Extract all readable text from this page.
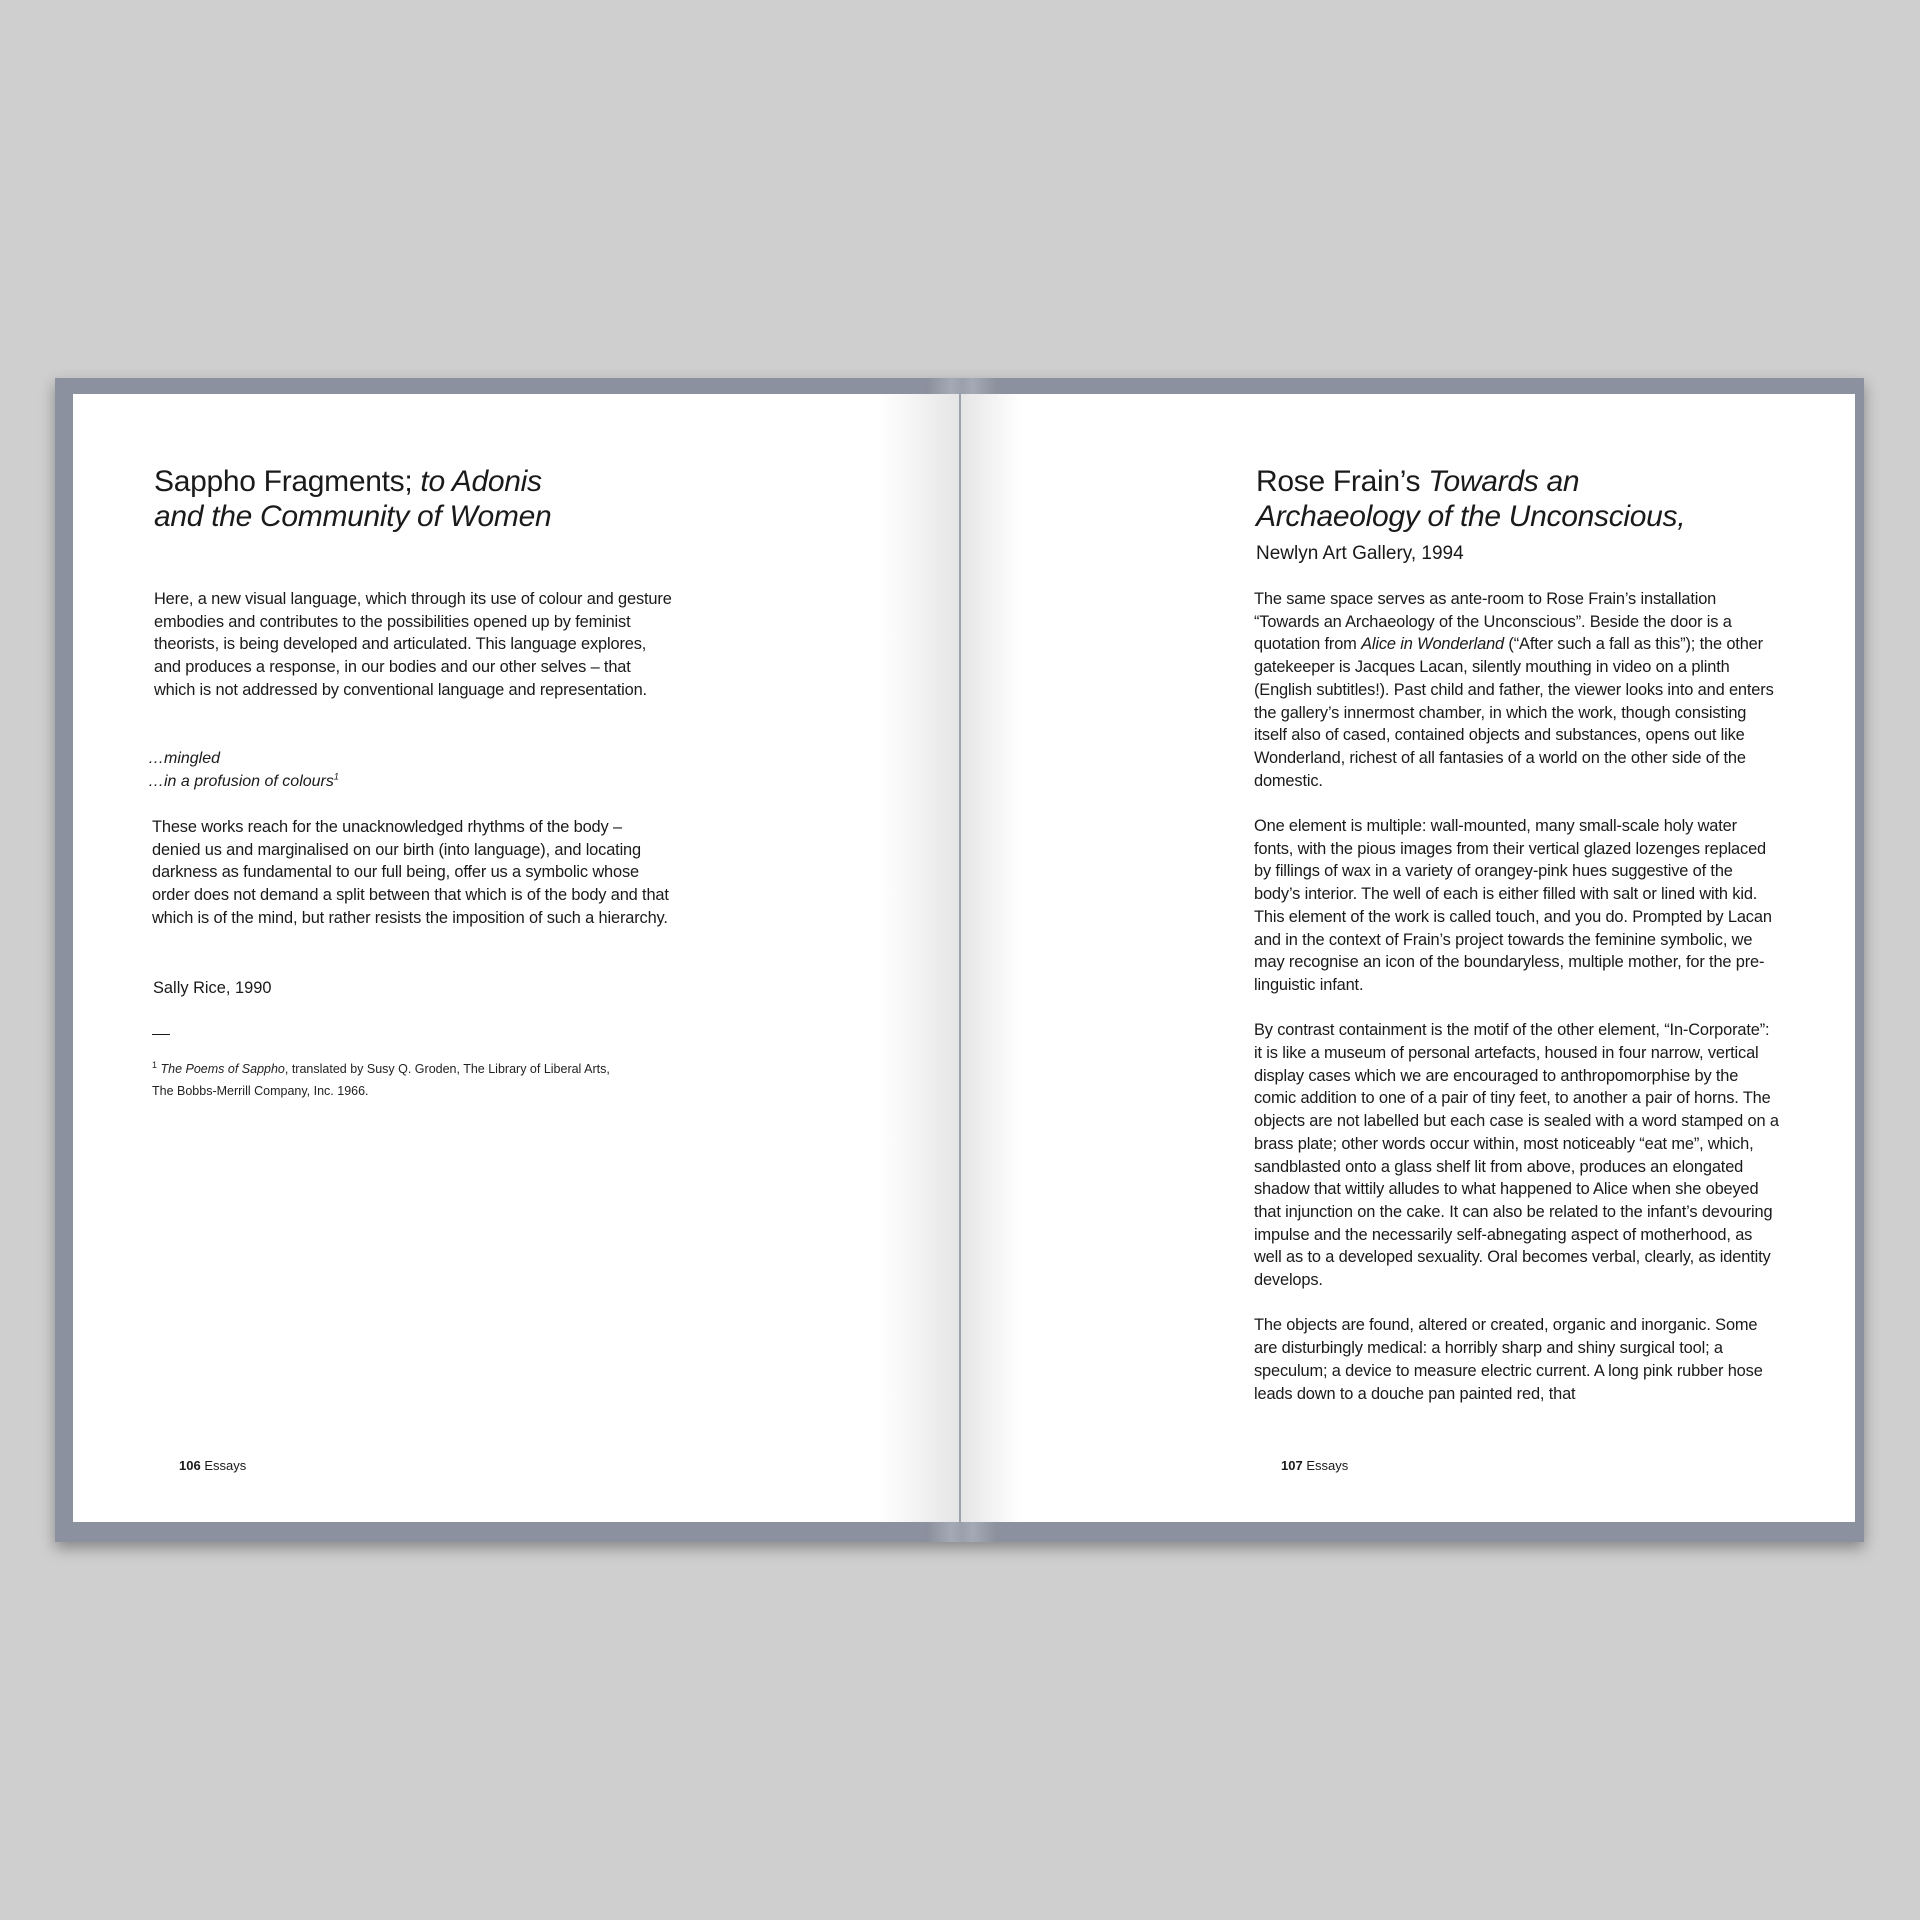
Sappho Fragments; to Adonis
and the Community of Women

Here, a new visual language, which through its use of colour and gesture embodies and contributes to the possibilities opened up by feminist theorists, is being developed and articulated. This language explores, and produces a response, in our bodies and our other selves – that which is not addressed by conventional language and representation.

…mingled
…in a profusion of colours$^1$

These works reach for the unacknowledged rhythms of the body – denied us and marginalised on our birth (into language), and locating darkness as fundamental to our full being, offer us a symbolic whose order does not demand a split between that which is of the body and that which is of the mind, but rather resists the imposition of such a hierarchy.

Sally Rice, 1990
$^1$ The Poems of Sappho, translated by Susy Q. Groden, The Library of Liberal Arts,
The Bobbs-Merrill Company, Inc. 1966.
106 Essays
Rose Frain’s Towards an
Archaeology of the Unconscious,
Newlyn Art Gallery, 1994

The same space serves as ante-room to Rose Frain’s installation “Towards an Archaeology of the Unconscious”. Beside the door is a quotation from Alice in Wonderland (“After such a fall as this”); the other gatekeeper is Jacques Lacan, silently mouthing in video on a plinth (English subtitles!). Past child and father, the viewer looks into and enters the gallery’s innermost chamber, in which the work, though consisting itself also of cased, contained objects and substances, opens out like Wonderland, richest of all fantasies of a world on the other side of the domestic.

One element is multiple: wall-mounted, many small-scale holy water fonts, with the pious images from their vertical glazed lozenges replaced by fillings of wax in a variety of orangey-pink hues suggestive of the body’s interior. The well of each is either filled with salt or lined with kid. This element of the work is called touch, and you do. Prompted by Lacan and in the context of Frain’s project towards the feminine symbolic, we may recognise an icon of the boundaryless, multiple mother, for the pre-linguistic infant.

By contrast containment is the motif of the other element, “In-Corporate”: it is like a museum of personal artefacts, housed in four narrow, vertical display cases which we are encouraged to anthropomorphise by the comic addition to one of a pair of tiny feet, to another a pair of horns. The objects are not labelled but each case is sealed with a word stamped on a brass plate; other words occur within, most noticeably “eat me”, which, sandblasted onto a glass shelf lit from above, produces an elongated shadow that wittily alludes to what happened to Alice when she obeyed that injunction on the cake. It can also be related to the infant’s devouring impulse and the necessarily self-abnegating aspect of motherhood, as well as to a developed sexuality. Oral becomes verbal, clearly, as identity develops.

The objects are found, altered or created, organic and inorganic. Some are disturbingly medical: a horribly sharp and shiny surgical tool; a speculum; a device to measure electric current. A long pink rubber hose leads down to a douche pan painted red, that

107 Essays
